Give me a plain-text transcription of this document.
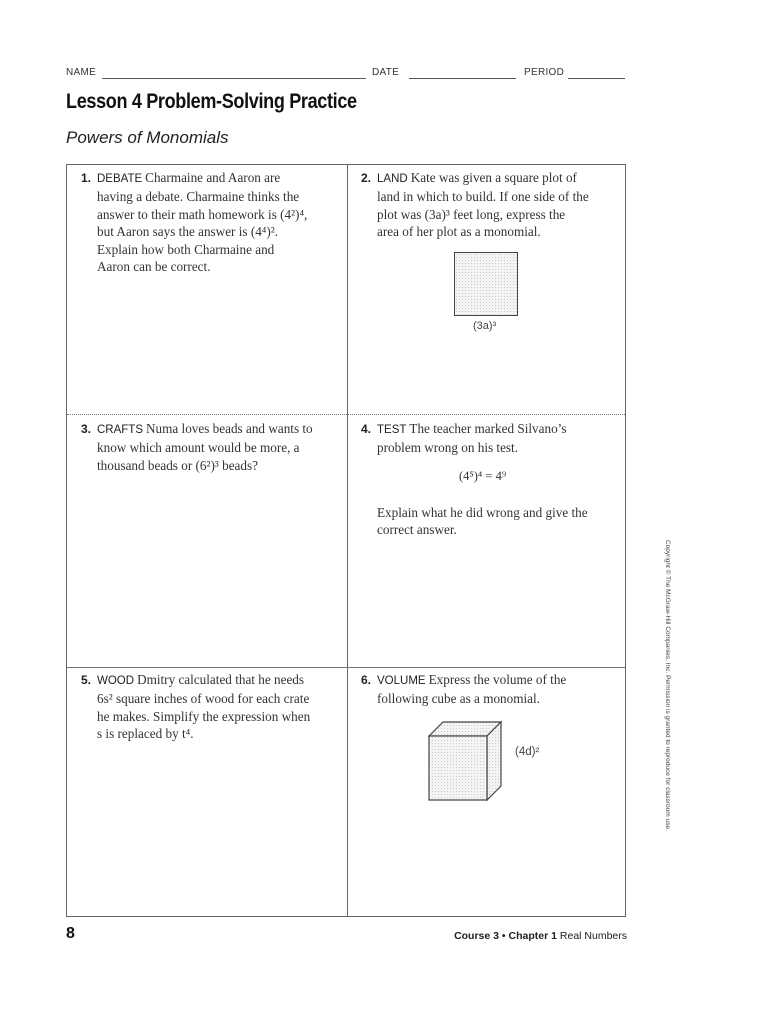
NAME	DATE	PERIOD
Lesson 4 Problem-Solving Practice
Powers of Monomials
1. DEBATE Charmaine and Aaron are
having a debate. Charmaine thinks the
answer to their math homework is (4²)⁴,
but Aaron says the answer is (4⁴)².
Explain how both Charmaine and
Aaron can be correct.
2. LAND Kate was given a square plot of
land in which to build. If one side of the
plot was (3a)³ feet long, express the
area of her plot as a monomial.
3. CRAFTS Numa loves beads and wants to
know which amount would be more, a
thousand beads or (6²)³ beads?
4. TEST The teacher marked Silvano’s
problem wrong on his test.
(4⁵)⁴ = 4⁹
Explain what he did wrong and give the
correct answer.
5. WOOD Dmitry calculated that he needs
6s² square inches of wood for each crate
he makes. Simplify the expression when
s is replaced by t⁴.
6. VOLUME Express the volume of the
following cube as a monomial.
(3a)³
(4d)²
8	Course 3 • Chapter 1 Real Numbers
Copyright © The McGraw-Hill Companies, Inc. Permission is granted to reproduce for classroom use.
